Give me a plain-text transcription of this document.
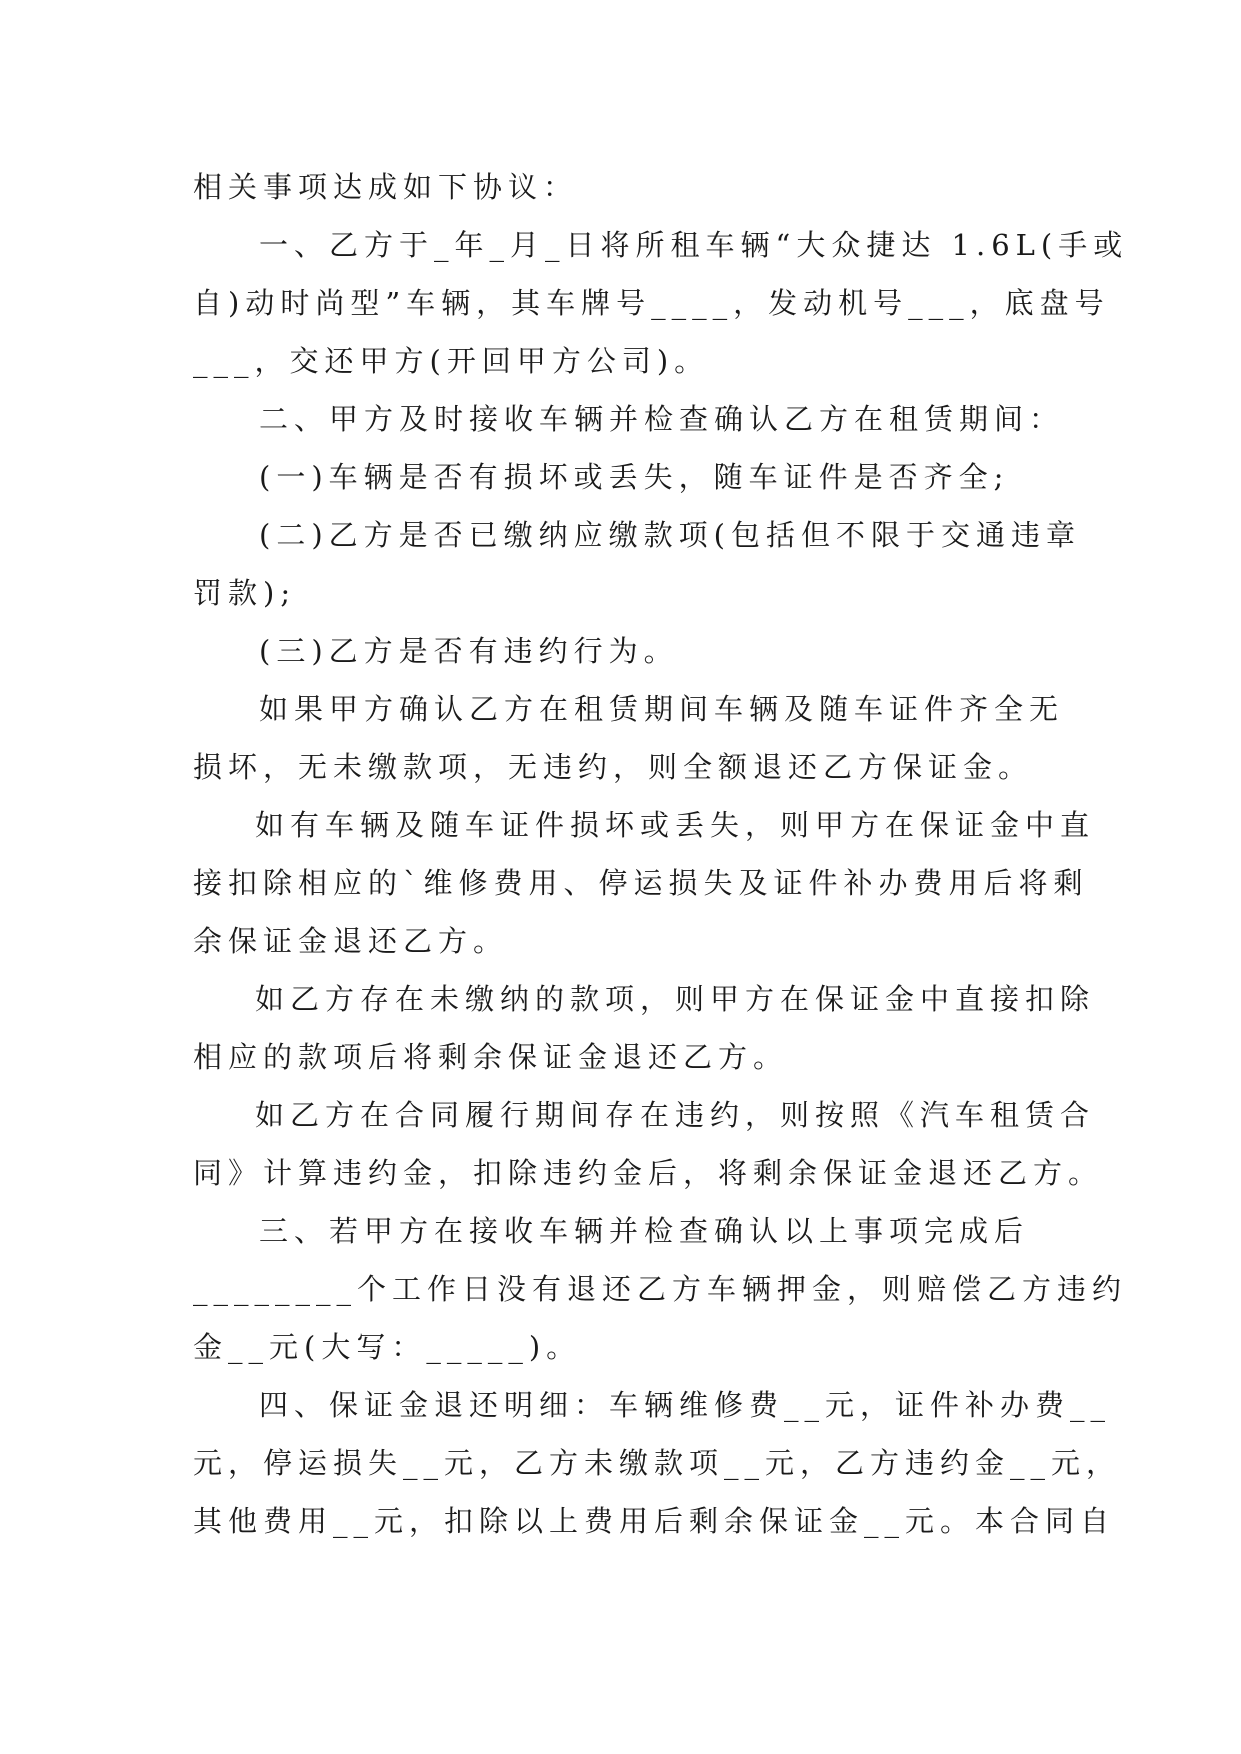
相关事项达成如下协议：

一、乙方于_年_月_日将所租车辆“大众捷达 1.6L(手或

自)动时尚型”车辆，其车牌号____，发动机号___，底盘号

___，交还甲方(开回甲方公司)。

二、甲方及时接收车辆并检查确认乙方在租赁期间：

(一)车辆是否有损坏或丢失，随车证件是否齐全;

(二)乙方是否已缴纳应缴款项(包括但不限于交通违章

罚款);

(三)乙方是否有违约行为。

如果甲方确认乙方在租赁期间车辆及随车证件齐全无

损坏，无未缴款项，无违约，则全额退还乙方保证金。

如有车辆及随车证件损坏或丢失，则甲方在保证金中直

接扣除相应的`维修费用、停运损失及证件补办费用后将剩

余保证金退还乙方。

如乙方存在未缴纳的款项，则甲方在保证金中直接扣除

相应的款项后将剩余保证金退还乙方。

如乙方在合同履行期间存在违约，则按照《汽车租赁合

同》计算违约金，扣除违约金后，将剩余保证金退还乙方。

三、若甲方在接收车辆并检查确认以上事项完成后

________个工作日没有退还乙方车辆押金，则赔偿乙方违约

金__元(大写：_____)。

四、保证金退还明细：车辆维修费__元，证件补办费__

元，停运损失__元，乙方未缴款项__元，乙方违约金__元，

其他费用__元，扣除以上费用后剩余保证金__元。本合同自
